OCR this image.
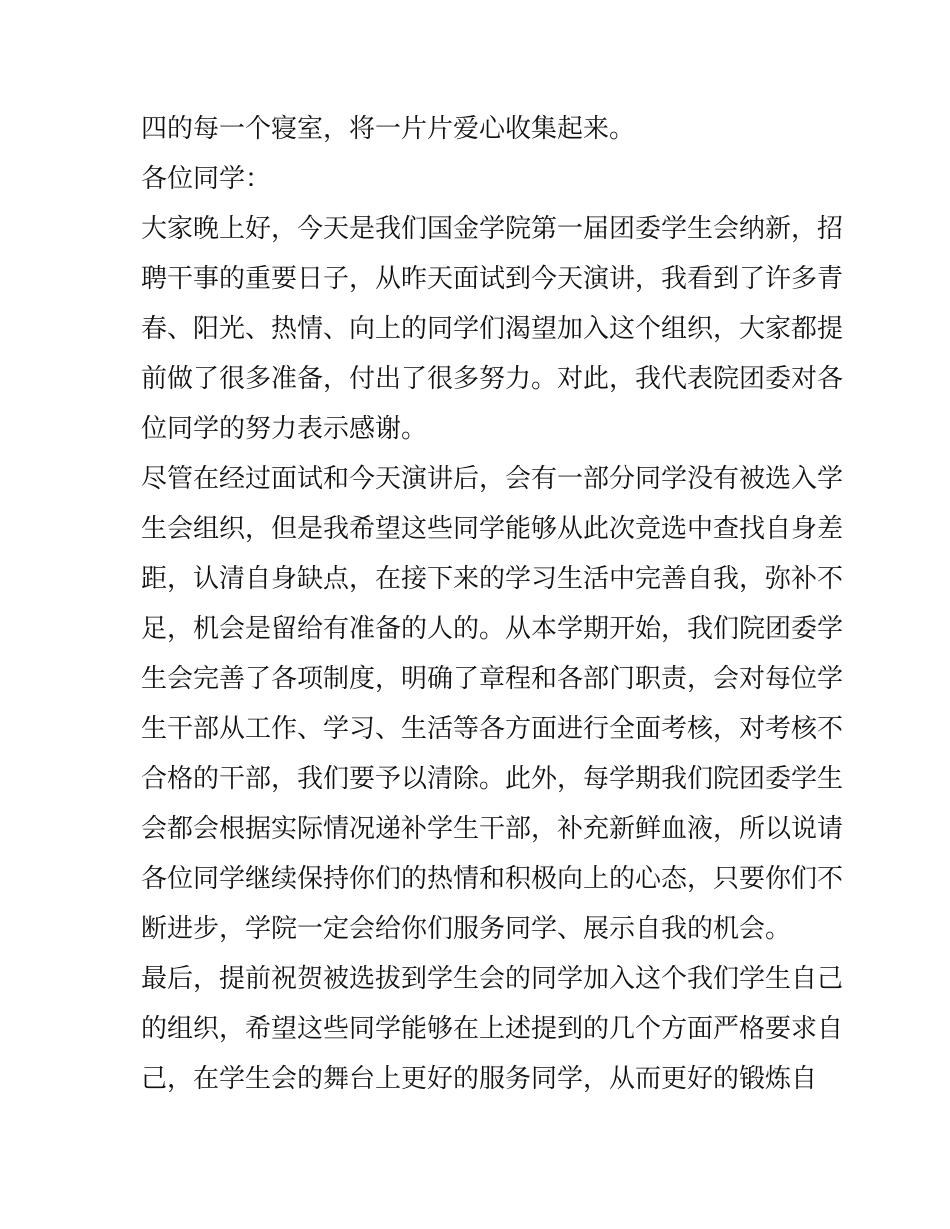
四的每一个寝室，将一片片爱心收集起来。
各位同学：
大家晚上好，今天是我们国金学院第一届团委学生会纳新，招
聘干事的重要日子，从昨天面试到今天演讲，我看到了许多青
春、阳光、热情、向上的同学们渴望加入这个组织，大家都提
前做了很多准备，付出了很多努力。对此，我代表院团委对各
位同学的努力表示感谢。
尽管在经过面试和今天演讲后，会有一部分同学没有被选入学
生会组织，但是我希望这些同学能够从此次竞选中查找自身差
距，认清自身缺点，在接下来的学习生活中完善自我，弥补不
足，机会是留给有准备的人的。从本学期开始，我们院团委学
生会完善了各项制度，明确了章程和各部门职责，会对每位学
生干部从工作、学习、生活等各方面进行全面考核，对考核不
合格的干部，我们要予以清除。此外，每学期我们院团委学生
会都会根据实际情况递补学生干部，补充新鲜血液，所以说请
各位同学继续保持你们的热情和积极向上的心态，只要你们不
断进步，学院一定会给你们服务同学、展示自我的机会。
最后，提前祝贺被选拔到学生会的同学加入这个我们学生自己
的组织，希望这些同学能够在上述提到的几个方面严格要求自
己，在学生会的舞台上更好的服务同学，从而更好的锻炼自
